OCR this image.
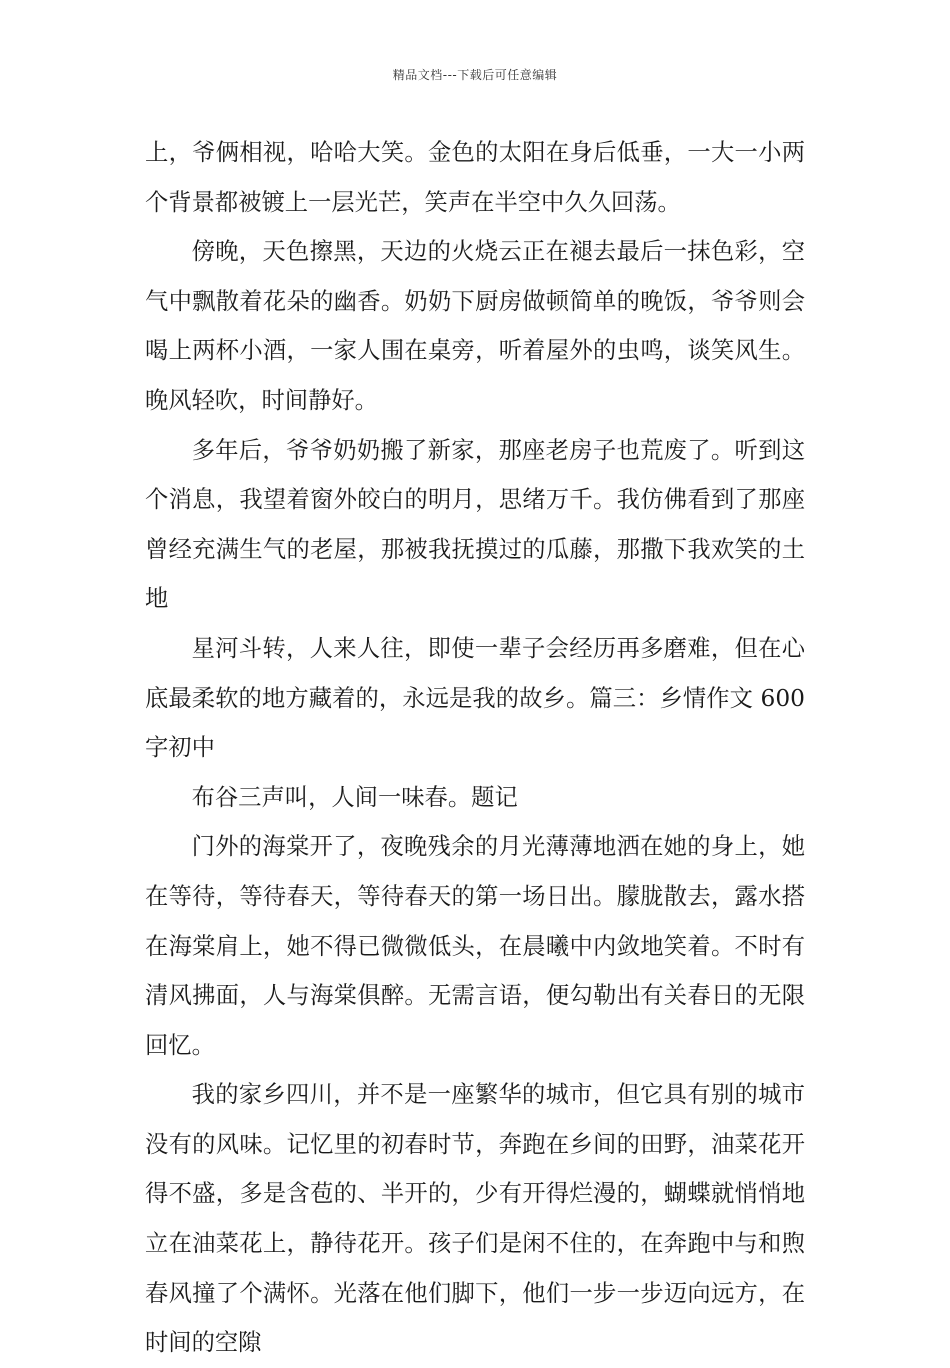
精品文档---下载后可任意编辑

上，爷俩相视，哈哈大笑。金色的太阳在身后低垂，一大一小两个背景都被镀上一层光芒，笑声在半空中久久回荡。

傍晚，天色擦黑，天边的火烧云正在褪去最后一抹色彩，空气中飘散着花朵的幽香。奶奶下厨房做顿简单的晚饭，爷爷则会喝上两杯小酒，一家人围在桌旁，听着屋外的虫鸣，谈笑风生。晚风轻吹，时间静好。

多年后，爷爷奶奶搬了新家，那座老房子也荒废了。听到这个消息，我望着窗外皎白的明月，思绪万千。我仿佛看到了那座曾经充满生气的老屋，那被我抚摸过的瓜藤，那撒下我欢笑的土地

星河斗转，人来人往，即使一辈子会经历再多磨难，但在心底最柔软的地方藏着的，永远是我的故乡。篇三：乡情作文 600 字初中

布谷三声叫，人间一味春。题记

门外的海棠开了，夜晚残余的月光薄薄地洒在她的身上，她在等待，等待春天，等待春天的第一场日出。朦胧散去，露水搭在海棠肩上，她不得已微微低头，在晨曦中内敛地笑着。不时有清风拂面，人与海棠俱醉。无需言语，便勾勒出有关春日的无限回忆。

我的家乡四川，并不是一座繁华的城市，但它具有别的城市没有的风味。记忆里的初春时节，奔跑在乡间的田野，油菜花开得不盛，多是含苞的、半开的，少有开得烂漫的，蝴蝶就悄悄地立在油菜花上，静待花开。孩子们是闲不住的，在奔跑中与和煦春风撞了个满怀。光落在他们脚下，他们一步一步迈向远方，在时间的空隙
